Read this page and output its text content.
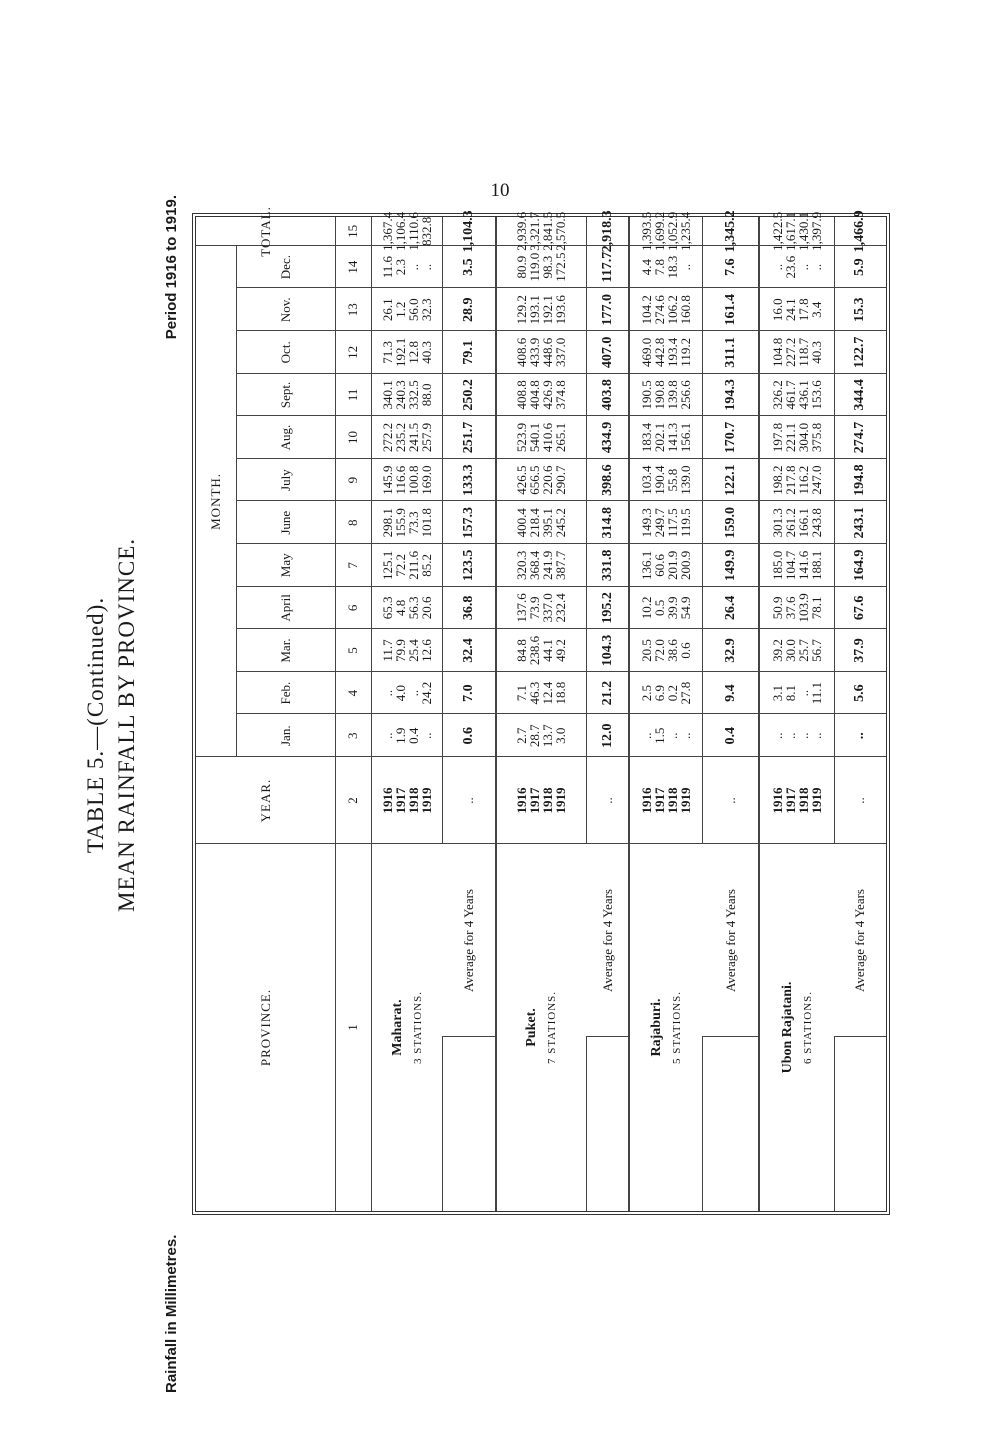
10
TABLE 5.—(Continued). MEAN RAINFALL BY PROVINCE.
Rainfall in Millimetres.
Period 1916 to 1919.
PROVINCE.
YEAR.
MONTH.
TOTAL.
Jan.
Feb.
Mar.
April
May
June
July
Aug.
Sept.
Oct.
Nov.
Dec.
1
2
3
4
5
6
7
8
9
10
11
12
13
14
15
Maharat. 3 STATIONS.
1916
1917
1918
1919
..
1.9
0.4
..
..
4.0
..
24.2
11.7
79.9
25.4
12.6
65.3
4.8
56.3
20.6
125.1
72.2
211.6
85.2
298.1
155.9
73.3
101.8
145.9
116.6
100.8
169.0
272.2
235.2
241.5
257.9
340.1
240.3
332.5
88.0
71.3
192.1
12.8
40.3
26.1
1.2
56.0
32.3
11.6
2.3
..
..
1,367.4
1,106.4
1,110.6
832.8
Average for 4 Years
..
0.6
7.0
32.4
36.8
123.5
157.3
133.3
251.7
250.2
79.1
28.9
3.5
1,104.3
Puket. 7 STATIONS.
1916
1917
1918
1919
2.7
28.7
13.7
3.0
7.1
46.3
12.4
18.8
84.8
238.6
44.1
49.2
137.6
73.9
337.0
232.4
320.3
368.4
241.9
387.7
400.4
218.4
395.1
245.2
426.5
656.5
220.6
290.7
523.9
540.1
410.6
265.1
408.8
404.8
426.9
374.8
408.6
433.9
448.6
337.0
129.2
193.1
192.1
193.6
80.9
119.0
98.3
172.5
2,939.6
3,321.7
2,841.5
2,570.5
Average for 4 Years
..
12.0
21.2
104.3
195.2
331.8
314.8
398.6
434.9
403.8
407.0
177.0
117.7
2,918.3
Rajaburi. 5 STATIONS.
1916
1917
1918
1919
..
1.5
..
..
2.5
6.9
0.2
27.8
20.5
72.0
38.6
0.6
10.2
0.5
39.9
54.9
136.1
60.6
201.9
200.9
149.3
249.7
117.5
119.5
103.4
190.4
55.8
139.0
183.4
202.1
141.3
156.1
190.5
190.8
139.8
256.6
469.0
442.8
193.4
119.2
104.2
274.6
106.2
160.8
4.4
7.8
18.3
..
1,393.5
1,699.2
1,052.9
1,235.4
Average for 4 Years
..
0.4
9.4
32.9
26.4
149.9
159.0
122.1
170.7
194.3
311.1
161.4
7.6
1,345.2
Ubon Rajatani. 6 STATIONS.
1916
1917
1918
1919
..
..
..
..
3.1
8.1
..
11.1
39.2
30.0
25.7
56.7
50.9
37.6
103.9
78.1
185.0
104.7
141.6
188.1
301.3
261.2
166.1
243.8
198.2
217.8
116.2
247.0
197.8
221.1
304.0
375.8
326.2
461.7
436.1
153.6
104.8
227.2
118.7
40.3
16.0
24.1
17.8
3.4
..
23.6
..
..
1,422.5
1,617.1
1,430.1
1,397.9
Average for 4 Years
..
..
5.6
37.9
67.6
164.9
243.1
194.8
274.7
344.4
122.7
15.3
5.9
1,466.9
